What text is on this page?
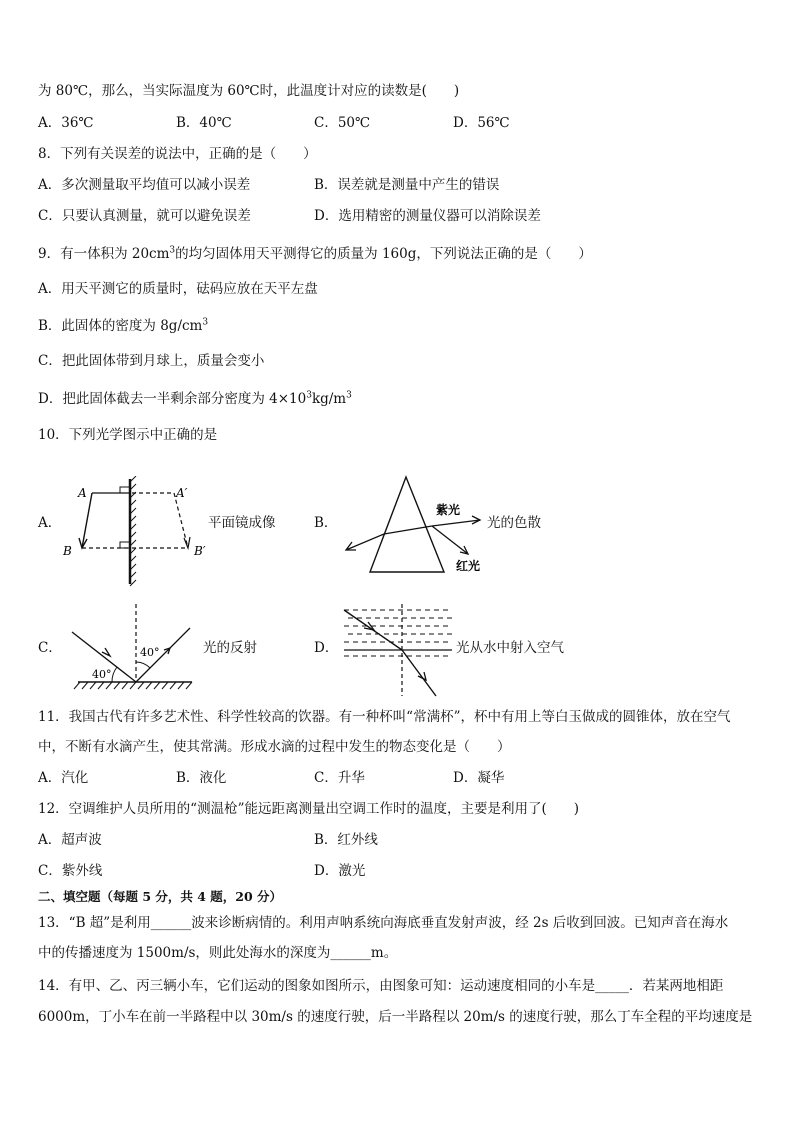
为 80℃，那么，当实际温度为 60℃时，此温度计对应的读数是(　　)
A．36℃	B．40℃	C．50℃	D．56℃
8．下列有关误差的说法中，正确的是（　　）
A．多次测量取平均值可以减小误差	B．误差就是测量中产生的错误
C．只要认真测量，就可以避免误差	D．选用精密的测量仪器可以消除误差
9．有一体积为 $20cm^3$的均匀固体用天平测得它的质量为 160g，下列说法正确的是（　　）
A．用天平测它的质量时，砝码应放在天平左盘
B．此固体的密度为 $8g/cm^3$
C．把此固体带到月球上，质量会变小
D．把此固体截去一半剩余部分密度为 $4\times 10^3kg/m^3$
10．下列光学图示中正确的是
A．
A	A′
B	B′
平面镜成像	B．
紫光
红光
光的色散
C．
40°
40°	光的反射	D．	光从水中射入空气
11．我国古代有许多艺术性、科学性较高的饮器。有一种杯叫“常满杯”，杯中有用上等白玉做成的圆锥体，放在空气
中，不断有水滴产生，使其常满。形成水滴的过程中发生的物态变化是（　　）
A．汽化	B．液化	C．升华	D．凝华
12．空调维护人员所用的“测温枪”能远距离测量出空调工作时的温度，主要是利用了(　　)
A．超声波	B．红外线
C．紫外线	D．激光
二、填空题（每题 5 分，共 4 题，20 分）
13．“B 超”是利用______波来诊断病情的。利用声呐系统向海底垂直发射声波，经 2s 后收到回波。已知声音在海水
中的传播速度为 1500m/s，则此处海水的深度为______m。
14．有甲、乙、丙三辆小车，它们运动的图象如图所示，由图象可知：运动速度相同的小车是_____．若某两地相距
6000m，丁小车在前一半路程中以 30m/s 的速度行驶，后一半路程以 20m/s 的速度行驶，那么丁车全程的平均速度是
